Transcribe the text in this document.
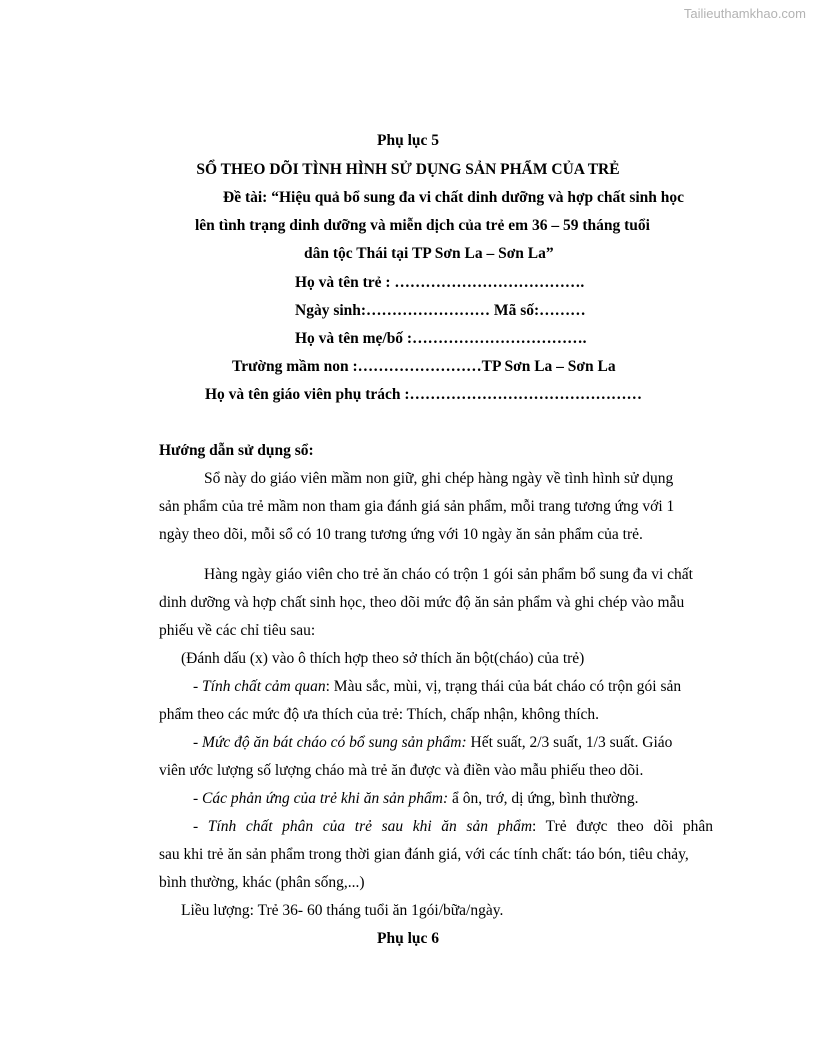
Tailieuthamkhao.com
Phụ lục 5
SỔ THEO DÕI TÌNH HÌNH SỬ DỤNG SẢN PHẨM CỦA TRẺ
Đề tài: “Hiệu quả bổ sung đa vi chất dinh dưỡng và hợp chất sinh học
lên tình trạng dinh dưỡng và miễn dịch của trẻ em 36 – 59 tháng tuổi
dân tộc Thái tại TP Sơn La – Sơn La”
Họ và tên trẻ : ……………………………….
Ngày sinh:…………………… Mã số:………
Họ và tên mẹ/bố :…………………………….
Trường mầm non :……………………TP Sơn La – Sơn La
Họ và tên giáo viên phụ trách :………………………………………
Hướng dẫn sử dụng sổ:
Sổ này do giáo viên mầm non giữ, ghi chép hàng ngày về tình hình sử dụng
sản phẩm của trẻ mầm non tham gia đánh giá sản phẩm, mỗi trang tương ứng với 1
ngày theo dõi, mỗi sổ có 10 trang tương ứng với 10 ngày ăn sản phẩm của trẻ.
Hàng ngày giáo viên cho trẻ ăn cháo có trộn 1 gói sản phẩm bổ sung đa vi chất
dinh dưỡng và hợp chất sinh học, theo dõi mức độ ăn sản phẩm và ghi chép vào mẫu
phiếu về các chỉ tiêu sau:
(Đánh dấu (x) vào ô thích hợp theo sở thích ăn bột(cháo) của trẻ)
- Tính chất cảm quan: Màu sắc, mùi, vị, trạng thái của bát cháo có trộn gói sản
phẩm theo các mức độ ưa thích của trẻ: Thích, chấp nhận, không thích.
- Mức độ ăn bát cháo có bổ sung sản phẩm: Hết suất, 2/3 suất, 1/3 suất. Giáo
viên ước lượng số lượng cháo mà trẻ ăn được và điền vào mẫu phiếu theo dõi.
- Các phản ứng của trẻ khi ăn sản phẩm: ẩ ôn, trớ, dị ứng, bình thường.
- Tính chất phân của trẻ sau khi ăn sản phẩm: Trẻ được theo dõi phân
sau khi trẻ ăn sản phẩm trong thời gian đánh giá, với các tính chất: táo bón, tiêu chảy,
bình thường, khác (phân sống,...)
Liều lượng: Trẻ 36- 60 tháng tuổi ăn 1gói/bữa/ngày.
Phụ lục 6
